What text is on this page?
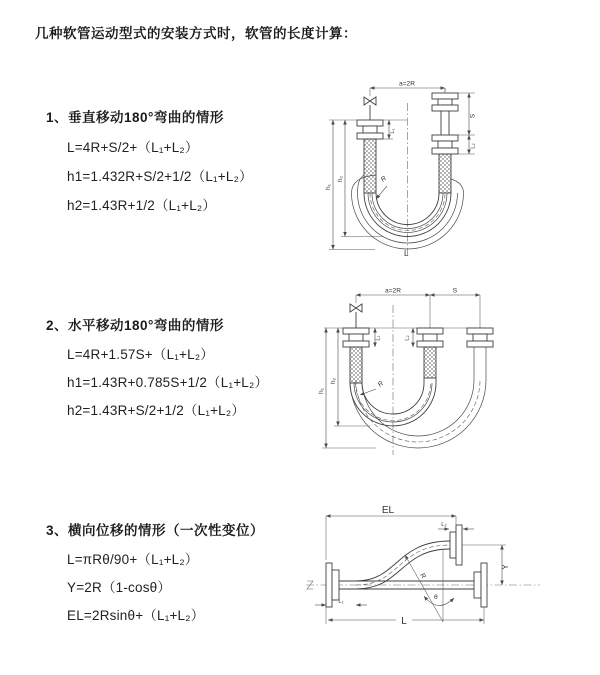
几种软管运动型式的安装方式时，软管的长度计算：
1、垂直移动180°弯曲的情形
L=4R+S/2+（L₁+L₂）
h1=1.432R+S/2+1/2（L₁+L₂）
h2=1.43R+1/2（L₁+L₂）
a=2R
h₁
h₂
L₁
S
L₂
R
L
2、水平移动180°弯曲的情形
L=4R+1.57S+（L₁+L₂）
h1=1.43R+0.785S+1/2（L₁+L₂）
h2=1.43R+S/2+1/2（L₁+L₂）
a=2R	S
h₁
h₂
L₁	L₂
R
3、横向位移的情形（一次性变位）
L=πRθ/90+（L₁+L₂）
Y=2R（1-cosθ）
EL=2Rsinθ+（L₁+L₂）
EL
L₂
Y
θ
R
L₁
L
